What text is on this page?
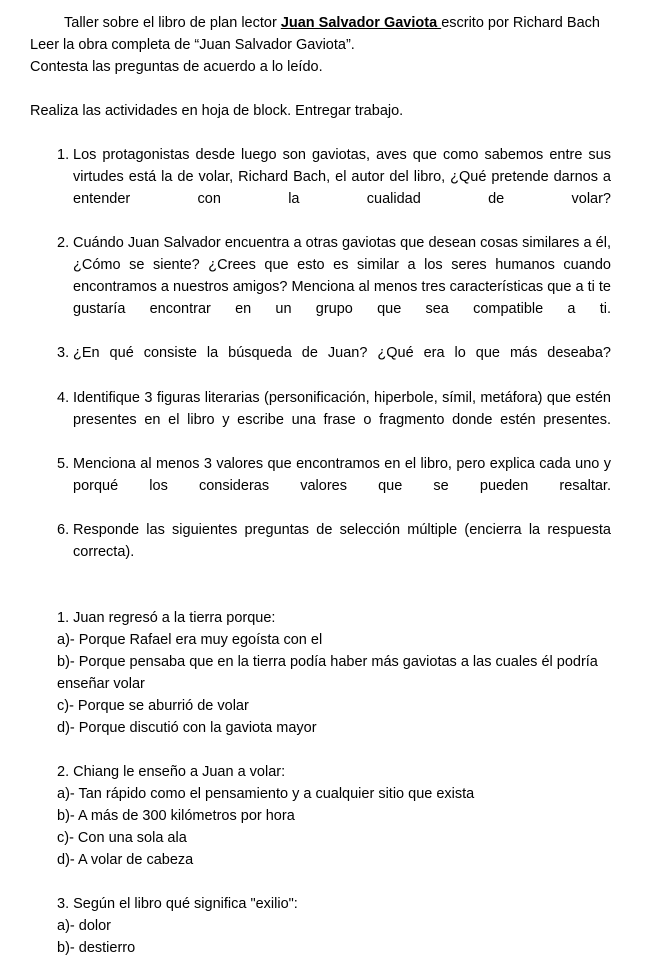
Taller sobre el libro de plan lector Juan Salvador Gaviota escrito por Richard Bach

Leer la obra completa de “Juan Salvador Gaviota”.

Contesta las preguntas de acuerdo a lo leído.

Realiza las actividades en hoja de block. Entregar trabajo.

1. Los protagonistas desde luego son gaviotas, aves que como sabemos entre sus virtudes está la de volar, Richard Bach, el autor del libro, ¿Qué pretende darnos a entender con la cualidad de volar?
2. Cuándo Juan Salvador encuentra a otras gaviotas que desean cosas similares a él, ¿Cómo se siente? ¿Crees que esto es similar a los seres humanos cuando encontramos a nuestros amigos? Menciona al menos tres características que a ti te gustaría encontrar en un grupo que sea compatible a ti.
3. ¿En qué consiste la búsqueda de Juan? ¿Qué era lo que más deseaba?
4. Identifique 3 figuras literarias (personificación, hiperbole, símil, metáfora) que estén presentes en el libro y escribe una frase o fragmento donde estén presentes.
5. Menciona al menos 3 valores que encontramos en el libro, pero explica cada uno y porqué los consideras valores que se pueden resaltar.
6. Responde las siguientes preguntas de selección múltiple (encierra la respuesta correcta).

1. Juan regresó a la tierra porque:

a)- Porque Rafael era muy egoísta con el

b)- Porque pensaba que en la tierra podía haber más gaviotas a las cuales él podría enseñar volar

c)- Porque se aburrió de volar

d)- Porque discutió con la gaviota mayor

2. Chiang le enseño a Juan a volar:

a)- Tan rápido como el pensamiento y a cualquier sitio que exista

b)- A más de 300 kilómetros por hora

c)- Con una sola ala

d)- A volar de cabeza

3. Según el libro qué significa "exilio":

a)- dolor

b)- destierro
